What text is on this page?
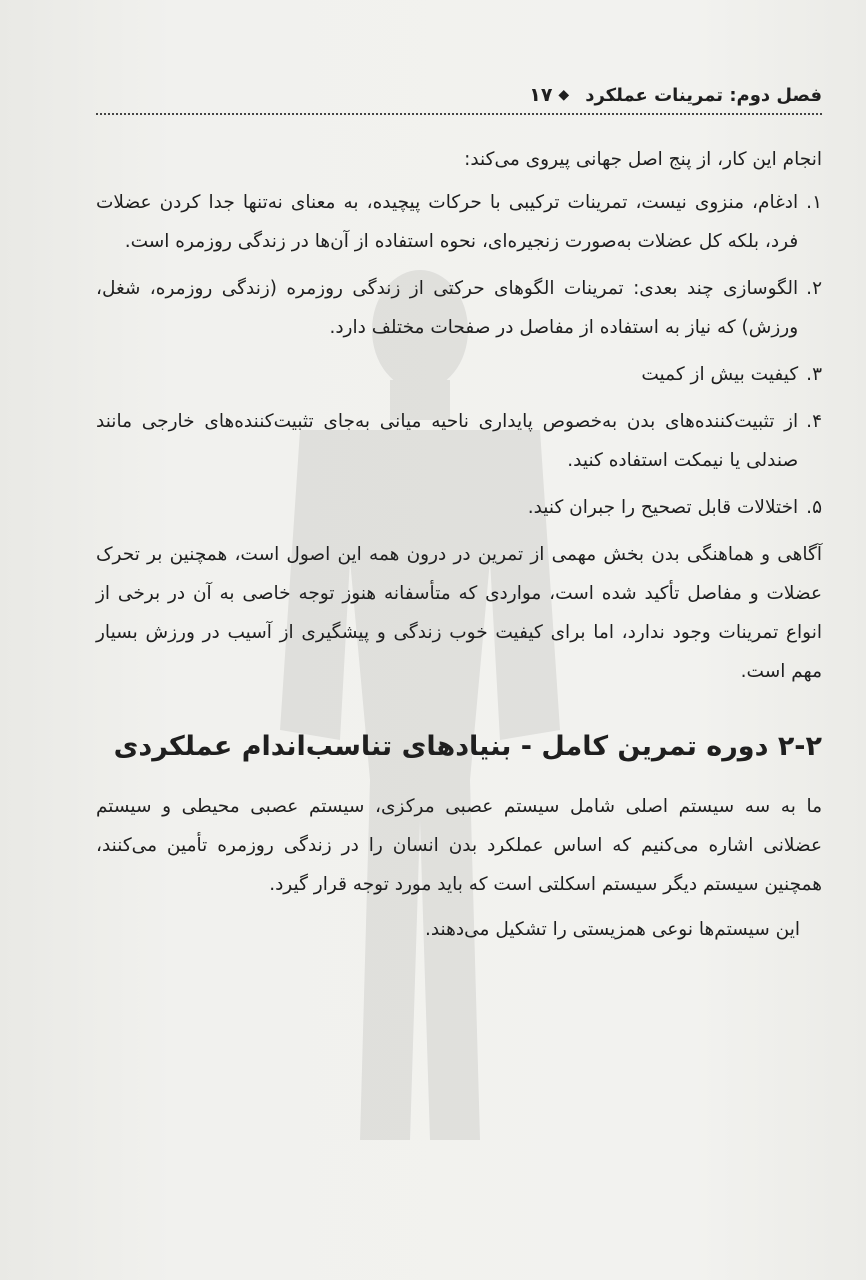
فصل دوم: تمرینات عملکرد
◆
۱۷

انجام این کار، از پنج اصل جهانی پیروی می‌کند:

۱.
ادغام، منزوی نیست، تمرینات ترکیبی با حرکات پیچیده، به معنای نه‌تنها جدا کردن عضلات فرد، بلکه کل عضلات به‌صورت زنجیره‌ای، نحوه استفاده از آن‌ها در زندگی روزمره است.
۲.
الگوسازی چند بعدی: تمرینات الگوهای حرکتی از زندگی روزمره (زندگی روزمره، شغل، ورزش) که نیاز به استفاده از مفاصل در صفحات مختلف دارد.
۳.
کیفیت بیش از کمیت
۴.
از تثبیت‌کننده‌های بدن به‌خصوص پایداری ناحیه میانی به‌جای تثبیت‌کننده‌های خارجی مانند صندلی یا نیمکت استفاده کنید.
۵.
اختلالات قابل تصحیح را جبران کنید.

آگاهی و هماهنگی بدن بخش مهمی از تمرین در درون همه این اصول است، همچنین بر تحرک عضلات و مفاصل تأکید شده است، مواردی که متأسفانه هنوز توجه خاصی به آن در برخی از انواع تمرینات وجود ندارد، اما برای کیفیت خوب زندگی و پیشگیری از آسیب در ورزش بسیار مهم است.

۲-۲ دوره تمرین کامل - بنیادهای تناسب‌اندام عملکردی

ما به سه سیستم اصلی شامل سیستم عصبی مرکزی، سیستم عصبی محیطی و سیستم عضلانی اشاره می‌کنیم که اساس عملکرد بدن انسان را در زندگی روزمره تأمین می‌کنند، همچنین سیستم دیگر سیستم اسکلتی است که باید مورد توجه قرار گیرد.

این سیستم‌ها نوعی همزیستی را تشکیل می‌دهند.
